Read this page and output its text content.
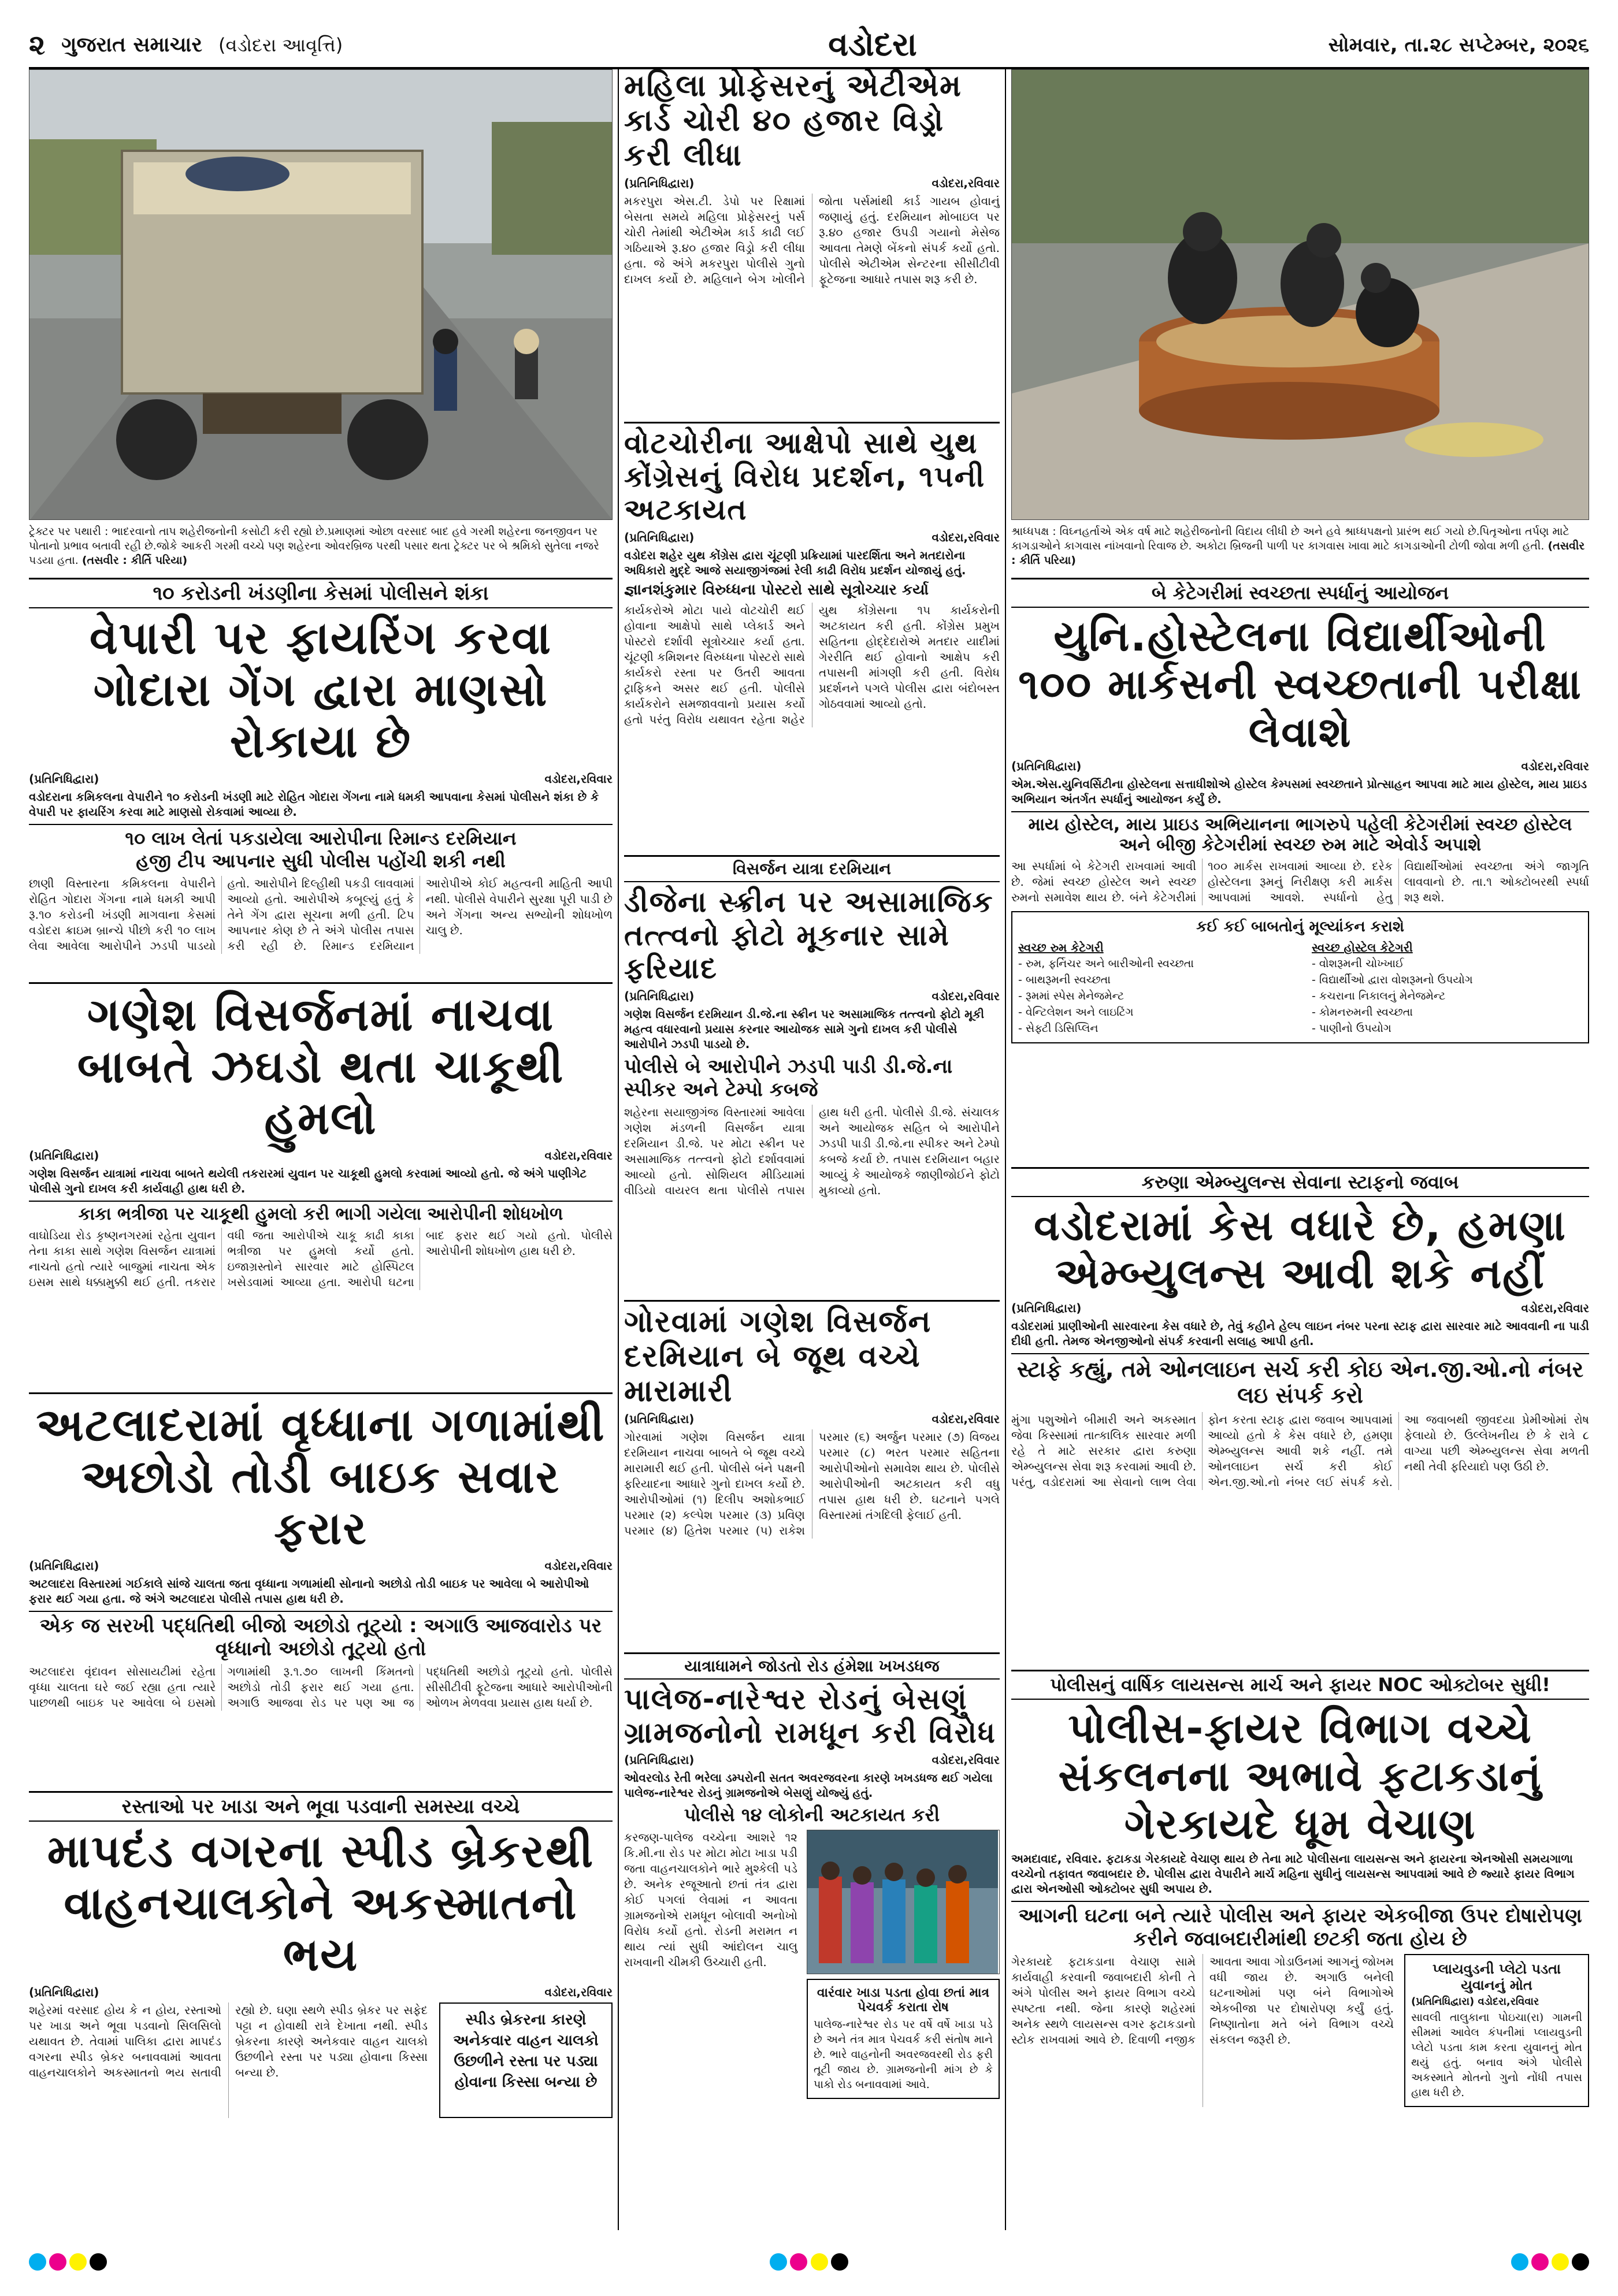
૨ ગુજરાત સમાચાર (વડોદરા આવૃત્તિ)	વડોદરા	સોમવાર, તા.૨૮ સપ્ટેમ્બર, ૨૦૨૬
ટ્રેક્ટર પર પથારી : ભાદરવાનો તાપ શહેરીજનોની કસોટી કરી રહ્યો છે.પ્રમાણમાં ઓછા વરસાદ બાદ હવે ગરમી શહેરના જનજીવન પર પોતાનો પ્રભાવ બતાવી રહી છે.જોકે આકરી ગરમી વચ્ચે પણ શહેરના ઓવરબ્રિજ પરથી પસાર થતા ટ્રેક્ટર પર બે શ્રમિકો સુતેલા નજરે પડયા હતા. (તસવીર : કીર્તિ પરિયા)
૧૦ કરોડની ખંડણીના કેસમાં પોલીસને શંકા
વેપારી પર ફાયરિંગ કરવા ગોદારા ગેંગ દ્વારા માણસો રોકાયા છે
(પ્રતિનિધિદ્વારા)	વડોદરા,રવિવાર
વડોદરાના કમિકલના વેપારીને ૧૦ કરોડની ખંડણી માટે રોહિત ગોદારા ગેંગના નામે ધમકી આપવાના કેસમાં પોલીસને શંકા છે કે વેપારી પર ફાયરિંગ કરવા માટે માણસો રોકવામાં આવ્યા છે.
૧૦ લાખ લેતાં પકડાયેલા આરોપીના રિમાન્ડ દરમિયાન
હજી ટીપ આપનાર સુધી પોલીસ પહોંચી શકી નથી
છાણી વિસ્તારના કમિકલના વેપારીને રોહિત ગોદારા ગેંગના નામે ધમકી આપી રૂ.૧૦ કરોડની ખંડણી માગવાના કેસમાં વડોદરા ક્રાઇમ બ્રાન્ચે પીછો કરી ૧૦ લાખ લેવા આવેલા આરોપીને ઝડપી પાડયો હતો. આરોપીને દિલ્હીથી પકડી લાવવામાં આવ્યો હતો. આરોપીએ કબૂલ્યું હતું કે તેને ગેંગ દ્વારા સૂચના મળી હતી. ટિપ આપનાર કોણ છે તે અંગે પોલીસ તપાસ કરી રહી છે. રિમાન્ડ દરમિયાન આરોપીએ કોઈ મહત્વની માહિતી આપી નથી. પોલીસે વેપારીને સુરક્ષા પૂરી પાડી છે અને ગેંગના અન્ય સભ્યોની શોધખોળ ચાલુ છે.
ગણેશ વિસર્જનમાં નાચવા બાબતે ઝઘડો થતા ચાકૂથી હુમલો
(પ્રતિનિધિદ્વારા)	વડોદરા,રવિવાર
ગણેશ વિસર્જન યાત્રામાં નાચવા બાબતે થયેલી તકરારમાં યુવાન પર ચાકૂથી હુમલો કરવામાં આવ્યો હતો. જે અંગે પાણીગેટ પોલીસે ગુનો દાખલ કરી કાર્યવાહી હાથ ધરી છે.
કાકા ભત્રીજા પર ચાકૂથી હુમલો કરી ભાગી ગયેલા આરોપીની શોધખોળ
વાઘોડિયા રોડ કૃષ્ણનગરમાં રહેતા યુવાન તેના કાકા સાથે ગણેશ વિસર્જન યાત્રામાં નાચતો હતો ત્યારે બાજુમાં નાચતા એક ઇસમ સાથે ધક્કામુક્કી થઈ હતી. તકરાર વધી જતા આરોપીએ ચાકૂ કાઢી કાકા ભત્રીજા પર હુમલો કર્યો હતો. ઇજાગ્રસ્તોને સારવાર માટે હોસ્પિટલ ખસેડવામાં આવ્યા હતા. આરોપી ઘટના બાદ ફરાર થઈ ગયો હતો. પોલીસે આરોપીની શોધખોળ હાથ ધરી છે.
અટલાદરામાં વૃધ્ધાના ગળામાંથી અછોડો તોડી બાઇક સવાર ફરાર
(પ્રતિનિધિદ્વારા)	વડોદરા,રવિવાર
અટલાદરા વિસ્તારમાં ગઈકાલે સાંજે ચાલતા જતા વૃધ્ધાના ગળામાંથી સોનાનો અછોડો તોડી બાઇક પર આવેલા બે આરોપીઓ ફરાર થઈ ગયા હતા. જે અંગે અટલાદરા પોલીસે તપાસ હાથ ધરી છે.
એક જ સરખી પદ્ધતિથી બીજો અછોડો તૂટ્યો : અગાઉ આજવારોડ પર વૃધ્ધાનો અછોડો તૂટ્યો હતો
અટલાદરા વૃંદાવન સોસાયટીમાં રહેતા વૃધ્ધા ચાલતા ઘરે જઈ રહ્યા હતા ત્યારે પાછળથી બાઇક પર આવેલા બે ઇસમો ગળામાંથી રૂ.૧.૭૦ લાખની કિંમતનો અછોડો તોડી ફરાર થઈ ગયા હતા. અગાઉ આજવા રોડ પર પણ આ જ પદ્ધતિથી અછોડો તૂટ્યો હતો. પોલીસે સીસીટીવી ફૂટેજના આધારે આરોપીઓની ઓળખ મેળવવા પ્રયાસ હાથ ધર્યા છે.
રસ્તાઓ પર ખાડા અને ભૂવા પડવાની સમસ્યા વચ્ચે
માપદંડ વગરના સ્પીડ બ્રેકરથી વાહનચાલકોને અકસ્માતનો ભય
(પ્રતિનિધિદ્વારા)	વડોદરા,રવિવાર
શહેરમાં વરસાદ હોય કે ન હોય, રસ્તાઓ પર ખાડા અને ભૂવા પડવાનો સિલસિલો યથાવત છે. તેવામાં પાલિકા દ્વારા માપદંડ વગરના સ્પીડ બ્રેકર બનાવવામાં આવતા વાહનચાલકોને અકસ્માતનો ભય સતાવી રહ્યો છે. ઘણા સ્થળે સ્પીડ બ્રેકર પર સફેદ પટ્ટા ન હોવાથી રાત્રે દેખાતા નથી. સ્પીડ બ્રેકરના કારણે અનેકવાર વાહન ચાલકો ઉછળીને રસ્તા પર પડ્યા હોવાના કિસ્સા બન્યા છે.
સ્પીડ બ્રેકરના કારણે અનેકવાર વાહન ચાલકો ઉછળીને રસ્તા પર પડ્યા હોવાના કિસ્સા બન્યા છે
મહિલા પ્રોફેસરનું એટીએમ કાર્ડ ચોરી ૪૦ હજાર વિડ્રો કરી લીધા
(પ્રતિનિધિદ્વારા)	વડોદરા,રવિવાર
મકરપુરા એસ.ટી. ડેપો પર રિક્ષામાં બેસતા સમયે મહિલા પ્રોફેસરનું પર્સ ચોરી તેમાંથી એટીએમ કાર્ડ કાઢી લઈ ગઠિયાએ રૂ.૪૦ હજાર વિડ્રો કરી લીધા હતા. જે અંગે મકરપુરા પોલીસે ગુનો દાખલ કર્યો છે. મહિલાને બેગ ખોલીને જોતા પર્સમાંથી કાર્ડ ગાયબ હોવાનું જણાયું હતું. દરમિયાન મોબાઇલ પર રૂ.૪૦ હજાર ઉપડી ગયાનો મેસેજ આવતા તેમણે બેંકનો સંપર્ક કર્યો હતો. પોલીસે એટીએમ સેન્ટરના સીસીટીવી ફૂટેજના આધારે તપાસ શરૂ કરી છે.
વોટચોરીના આક્ષેપો સાથે યુથ કોંગ્રેસનું વિરોધ પ્રદર્શન, ૧૫ની અટકાયત
(પ્રતિનિધિદ્વારા)	વડોદરા,રવિવાર
વડોદરા શહેર યુથ કોંગ્રેસ દ્વારા ચૂંટણી પ્રક્રિયામાં પારદર્શિતા અને મતદારોના અધિકારો મુદ્દે આજે સયાજીગંજમાં રેલી કાઢી વિરોધ પ્રદર્શન યોજાયું હતું.
જ્ઞાનશંકુમાર વિરુધ્ધના પોસ્ટરો સાથે સૂત્રોચ્ચાર કર્યા
કાર્યકરોએ મોટા પાયે વોટચોરી થઈ હોવાના આક્ષેપો સાથે પ્લેકાર્ડ અને પોસ્ટરો દર્શાવી સૂત્રોચ્ચાર કર્યા હતા. ચૂંટણી કમિશનર વિરુધ્ધના પોસ્ટરો સાથે કાર્યકરો રસ્તા પર ઉતરી આવતા ટ્રાફિકને અસર થઈ હતી. પોલીસે કાર્યકરોને સમજાવવાનો પ્રયાસ કર્યો હતો પરંતુ વિરોધ યથાવત રહેતા શહેર યુથ કોંગ્રેસના ૧૫ કાર્યકરોની અટકાયત કરી હતી. કોંગ્રેસ પ્રમુખ સહિતના હોદ્દેદારોએ મતદાર યાદીમાં ગેરરીતિ થઈ હોવાનો આક્ષેપ કરી તપાસની માંગણી કરી હતી. વિરોધ પ્રદર્શનને પગલે પોલીસ દ્વારા બંદોબસ્ત ગોઠવવામાં આવ્યો હતો.
વિસર્જન યાત્રા દરમિયાન
ડીજેના સ્ક્રીન પર અસામાજિક તત્ત્વનો ફોટો મૂકનાર સામે ફરિયાદ
(પ્રતિનિધિદ્વારા)	વડોદરા,રવિવાર
ગણેશ વિસર્જન દરમિયાન ડી.જે.ના સ્ક્રીન પર અસામાજિક તત્ત્વનો ફોટો મૂકી મહત્વ વધારવાનો પ્રયાસ કરનાર આયોજક સામે ગુનો દાખલ કરી પોલીસે આરોપીને ઝડપી પાડયો છે.
પોલીસે બે આરોપીને ઝડપી પાડી ડી.જે.ના સ્પીકર અને ટેમ્પો કબજે
શહેરના સયાજીગંજ વિસ્તારમાં આવેલા ગણેશ મંડળની વિસર્જન યાત્રા દરમિયાન ડી.જે. પર મોટા સ્ક્રીન પર અસામાજિક તત્ત્વનો ફોટો દર્શાવવામાં આવ્યો હતો. સોશિયલ મીડિયામાં વીડિયો વાયરલ થતા પોલીસે તપાસ હાથ ધરી હતી. પોલીસે ડી.જે. સંચાલક અને આયોજક સહિત બે આરોપીને ઝડપી પાડી ડી.જે.ના સ્પીકર અને ટેમ્પો કબજે કર્યા છે. તપાસ દરમિયાન બહાર આવ્યું કે આયોજકે જાણીજોઈને ફોટો મુકાવ્યો હતો.
ગોરવામાં ગણેશ વિસર્જન દરમિયાન બે જૂથ વચ્ચે મારામારી
(પ્રતિનિધિદ્વારા)	વડોદરા,રવિવાર
ગોરવામાં ગણેશ વિસર્જન યાત્રા દરમિયાન નાચવા બાબતે બે જૂથ વચ્ચે મારામારી થઈ હતી. પોલીસે બંને પક્ષની ફરિયાદના આધારે ગુનો દાખલ કર્યો છે. આરોપીઓમાં (૧) દિલીપ અશોકભાઈ પરમાર (૨) કલ્પેશ પરમાર (૩) પ્રવિણ પરમાર (૪) હિતેશ પરમાર (૫) રાકેશ પરમાર (૬) અર્જુન પરમાર (૭) વિજય પરમાર (૮) ભરત પરમાર સહિતના આરોપીઓનો સમાવેશ થાય છે. પોલીસે આરોપીઓની અટકાયત કરી વધુ તપાસ હાથ ધરી છે. ઘટનાને પગલે વિસ્તારમાં તંગદિલી ફેલાઈ હતી.
યાત્રાધામને જોડતો રોડ હંમેશા ખખડધજ
પાલેજ-નારેશ્વર રોડનું બેસણું ગ્રામજનોનો રામધૂન કરી વિરોધ
(પ્રતિનિધિદ્વારા)	વડોદરા,રવિવાર
ઓવરલોડ રેતી ભરેલા ડમ્પરોની સતત અવરજવરના કારણે ખખડધજ થઈ ગયેલા પાલેજ-નારેશ્વર રોડનું ગ્રામજનોએ બેસણું યોજ્યું હતું.
પોલીસે ૧૪ લોકોની અટકાયત કરી
કરજણ-પાલેજ વચ્ચેના આશરે ૧૨ કિ.મી.ના રોડ પર મોટા મોટા ખાડા પડી જતા વાહનચાલકોને ભારે મુશ્કેલી પડે છે. અનેક રજૂઆતો છતાં તંત્ર દ્વારા કોઈ પગલાં લેવામાં ન આવતા ગ્રામજનોએ રામધૂન બોલાવી અનોખો વિરોધ કર્યો હતો. રોડની મરામત ન થાય ત્યાં સુધી આંદોલન ચાલુ રાખવાની ચીમકી ઉચ્ચારી હતી.
વારંવાર ખાડા પડતા હોવા છતાં માત્ર પેચવર્ક કરાતા રોષ
પાલેજ-નારેશ્વર રોડ પર વર્ષે વર્ષે ખાડા પડે છે અને તંત્ર માત્ર પેચવર્ક કરી સંતોષ માને છે. ભારે વાહનોની અવરજવરથી રોડ ફરી તૂટી જાય છે. ગ્રામજનોની માંગ છે કે પાકો રોડ બનાવવામાં આવે.
શ્રાધ્ધપક્ષ : વિઘ્નહર્તાએ એક વર્ષ માટે શહેરીજનોની વિદાય લીધી છે અને હવે શ્રાધ્ધપક્ષનો પ્રારંભ થઈ ગયો છે.પિતૃઓના તર્પણ માટે કાગડાઓને કાગવાસ નાંખવાનો રિવાજ છે. અકોટા બ્રિજની પાળી પર કાગવાસ ખાવા માટે કાગડાઓની ટોળી જોવા મળી હતી. (તસવીર : કીર્તિ પરિયા)
બે કેટેગરીમાં સ્વચ્છતા સ્પર્ધાનું આયોજન
યુનિ.હોસ્ટેલના વિદ્યાર્થીઓની ૧૦૦ માર્કસની સ્વચ્છતાની પરીક્ષા લેવાશે
(પ્રતિનિધિદ્વારા)	વડોદરા,રવિવાર
એમ.એસ.યુનિવર્સિટીના હોસ્ટેલના સત્તાધીશોએ હોસ્ટેલ કેમ્પસમાં સ્વચ્છતાને પ્રોત્સાહન આપવા માટે માય હોસ્ટેલ, માય પ્રાઇડ અભિયાન અંતર્ગત સ્પર્ધાનું આયોજન કર્યું છે.
માય હોસ્ટેલ, માય પ્રાઇડ અભિયાનના ભાગરુપે પહેલી કેટેગરીમાં સ્વચ્છ હોસ્ટેલ અને બીજી કેટેગરીમાં સ્વચ્છ રુમ માટે એવોર્ડ અપાશે
આ સ્પર્ધામાં બે કેટેગરી રાખવામાં આવી છે. જેમાં સ્વચ્છ હોસ્ટેલ અને સ્વચ્છ રુમનો સમાવેશ થાય છે. બંને કેટેગરીમાં ૧૦૦ માર્કસ રાખવામાં આવ્યા છે. દરેક હોસ્ટેલના રૂમનું નિરીક્ષણ કરી માર્કસ આપવામાં આવશે. સ્પર્ધાનો હેતુ વિદ્યાર્થીઓમાં સ્વચ્છતા અંગે જાગૃતિ લાવવાનો છે. તા.૧ ઓક્ટોબરથી સ્પર્ધા શરૂ થશે.
કઈ કઈ બાબતોનું મૂલ્યાંકન કરાશે
સ્વચ્છ રુમ કેટેગરી
- રુમ, ફર્નિચર અને બારીઓની સ્વચ્છતા
- બાથરૂમની સ્વચ્છતા
- રૂમમાં સ્પેસ મેનેજમેન્ટ
- વેન્ટિલેશન અને લાઇટિંગ
- સેફ્ટી ડિસિપ્લિન
સ્વચ્છ હોસ્ટેલ કેટેગરી
- વોશરૂમની ચોખ્ખાઈ
- વિદ્યાર્થીઓ દ્વારા વોશરૂમનો ઉપયોગ
- કચરાના નિકાલનું મેનેજમેન્ટ
- કોમનરુમની સ્વચ્છતા
- પાણીનો ઉપયોગ
કરુણા એમ્બ્યુલન્સ સેવાના સ્ટાફનો જવાબ
વડોદરામાં કેસ વધારે છે, હમણા એમ્બ્યુલન્સ આવી શકે નહીં
(પ્રતિનિધિદ્વારા)	વડોદરા,રવિવાર
વડોદરામાં પ્રાણીઓની સારવારના કેસ વધારે છે, તેવું કહીને હેલ્પ લાઇન નંબર પરના સ્ટાફ દ્વારા સારવાર માટે આવવાની ના પાડી દીધી હતી. તેમજ એનજીઓનો સંપર્ક કરવાની સલાહ આપી હતી.
સ્ટાફે કહ્યું, તમે ઓનલાઇન સર્ચ કરી કોઇ એન.જી.ઓ.નો નંબર લઇ સંપર્ક કરો
મુંગા પશુઓને બીમારી અને અકસ્માત જેવા કિસ્સામાં તાત્કાલિક સારવાર મળી રહે તે માટે સરકાર દ્વારા કરુણા એમ્બ્યુલન્સ સેવા શરૂ કરવામાં આવી છે. પરંતુ, વડોદરામાં આ સેવાનો લાભ લેવા ફોન કરતા સ્ટાફ દ્વારા જવાબ આપવામાં આવ્યો હતો કે કેસ વધારે છે, હમણા એમ્બ્યુલન્સ આવી શકે નહીં. તમે ઓનલાઇન સર્ચ કરી કોઈ એન.જી.ઓ.નો નંબર લઈ સંપર્ક કરો. આ જવાબથી જીવદયા પ્રેમીઓમાં રોષ ફેલાયો છે. ઉલ્લેખનીય છે કે રાત્રે ૮ વાગ્યા પછી એમ્બ્યુલન્સ સેવા મળતી નથી તેવી ફરિયાદો પણ ઉઠી છે.
પોલીસનું વાર્ષિક લાયસન્સ માર્ચ અને ફાયર NOC ઓક્ટોબર સુધી!
પોલીસ-ફાયર વિભાગ વચ્ચે સંકલનના અભાવે ફટાકડાનું ગેરકાયદે ધૂમ વેચાણ
અમદાવાદ, રવિવાર. ફટાકડા ગેરકાયદે વેચાણ થાય છે તેના માટે પોલીસના લાયસન્સ અને ફાયરના એનઓસી સમયગાળા વચ્ચેનો તફાવત જવાબદાર છે. પોલીસ દ્વારા વેપારીને માર્ચ મહિના સુધીનું લાયસન્સ આપવામાં આવે છે જ્યારે ફાયર વિભાગ દ્વારા એનઓસી ઓક્ટોબર સુધી અપાય છે.
આગની ઘટના બને ત્યારે પોલીસ અને ફાયર એકબીજા ઉપર દોષારોપણ કરીને જવાબદારીમાંથી છટકી જતા હોય છે
ગેરકાયદે ફટાકડાના વેચાણ સામે કાર્યવાહી કરવાની જવાબદારી કોની તે અંગે પોલીસ અને ફાયર વિભાગ વચ્ચે સ્પષ્ટતા નથી. જેના કારણે શહેરમાં અનેક સ્થળે લાયસન્સ વગર ફટાકડાનો સ્ટોક રાખવામાં આવે છે. દિવાળી નજીક આવતા આવા ગોડાઉનમાં આગનું જોખમ વધી જાય છે. અગાઉ બનેલી ઘટનાઓમાં પણ બંને વિભાગોએ એકબીજા પર દોષારોપણ કર્યું હતું. નિષ્ણાતોના મતે બંને વિભાગ વચ્ચે સંકલન જરૂરી છે.
પ્લાયવુડની પ્લેટો પડતા યુવાનનું મોત
(પ્રતિનિધિદ્વારા) વડોદરા,રવિવાર
સાવલી તાલુકાના પોઇચા(રા) ગામની સીમમાં આવેલ કંપનીમાં પ્લાયવુડની પ્લેટો પડતા કામ કરતા યુવાનનું મોત થયું હતું. બનાવ અંગે પોલીસે અકસ્માતે મોતનો ગુનો નોંધી તપાસ હાથ ધરી છે.
